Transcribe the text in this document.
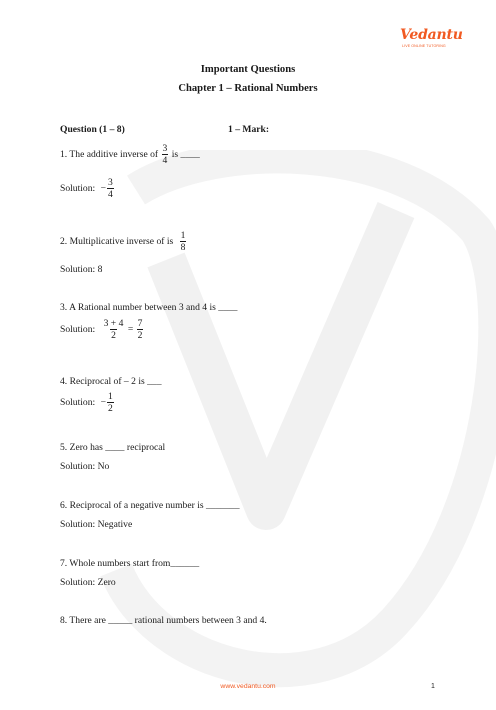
Vedantu
LIVE ONLINE TUTORING
Important Questions
Chapter 1 – Rational Numbers
Question (1 – 8)	1 – Mark:
1. The additive inverse of $\frac{3}{4}$ is ____
Solution: − $\frac{3}{4}$
2. Multiplicative inverse of is $\frac{1}{8}$
Solution: 8
3. A Rational number between 3 and 4 is ____
Solution: $\frac{3 + 4}{2} = \frac{7}{2}$
4. Reciprocal of – 2 is ___
Solution: − $\frac{1}{2}$
5. Zero has ____ reciprocal
Solution: No
6. Reciprocal of a negative number is _______
Solution: Negative
7. Whole numbers start from______
Solution: Zero
8. There are _____ rational numbers between 3 and 4.
www.vedantu.com	1
